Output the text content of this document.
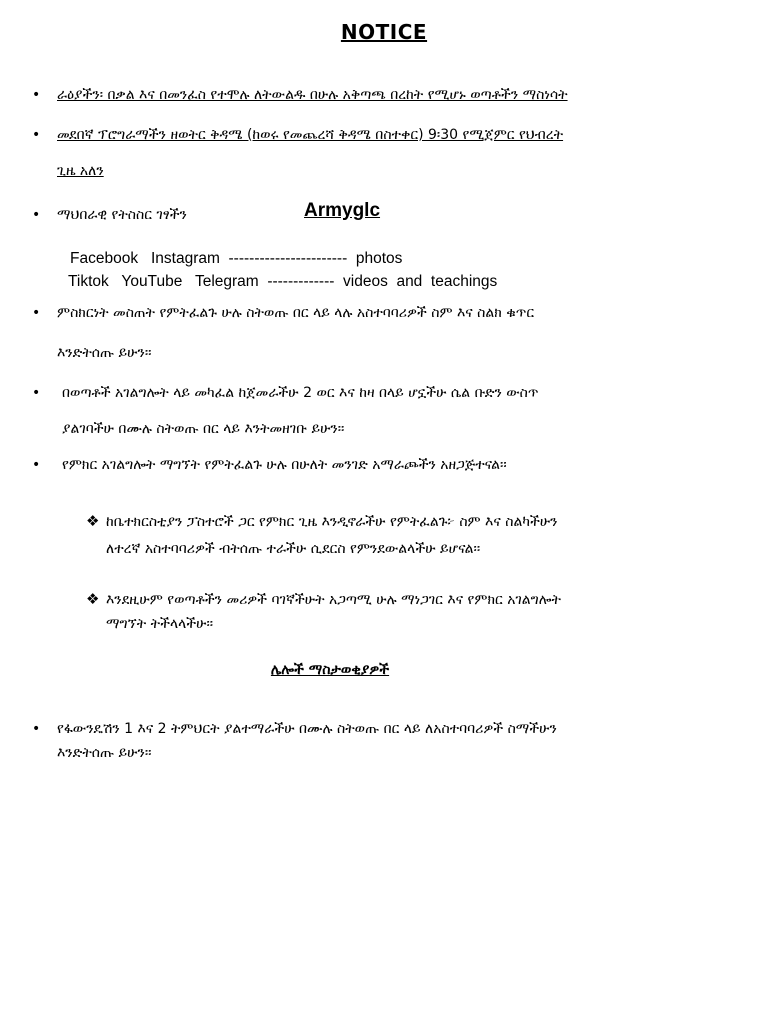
NOTICE
• ራዕያችን፡ በቃል እና በመንፈስ የተሞሉ ለትውልዱ በሁሉ አቅጣጫ በረከት የሚሆኑ ወጣቶችን ማስነሳት

• መደበኛ ፕሮግራማችን ዘወትር ቅዳሜ (ከወሩ የመጨረሻ ቅዳሜ በስተቀር) 9፡30 የሚጀምር የህብረት

ጊዜ አለን

• ማህበራዊ የትስስር ገፃችን	Armyglc
Facebook   Instagram  -----------------------  photos
Tiktok   YouTube   Telegram  -------------  videos  and  teachings
• ምስክርነት መስጠት የምትፈልጉ ሁሉ ስትወጡ በር ላይ ላሉ አስተባባሪዎች ስም እና ስልክ ቁጥር

እንድትሰጡ ይሁን፡፡

• በወጣቶች አገልግሎት ላይ መካፈል ከጀመራችሁ 2 ወር እና ከዛ በላይ ሆኗችሁ ሴል ቡድን ውስጥ

ያልገባችሁ በሙሉ ስትወጡ በር ላይ እንትመዘገቡ ይሁን፡፡

• የምክር አገልግሎት ማግኘት የምትፈልጉ ሁሉ በሁለት መንገድ አማራጮችን አዘጋጅተናል፡፡

❖ ከቤተክርስቲያን ፓስተሮች ጋር የምክር ጊዜ እንዲኖራችሁ የምትፈልጉ፦ ስም እና ስልካችሁን

ለተረኛ አስተባባሪዎች ብትሰጡ ተራችሁ ሲደርስ የምንደውልላችሁ ይሆናል፡፡

❖ እንደዚሁም የወጣቶችን መሪዎች ባገኛችሁት አጋጣሚ ሁሉ ማነጋገር እና የምክር አገልግሎት

ማግኘት ትችላላችሁ፡፡

ሌሎች ማስታወቂያዎች
• የፋውንዴሽን 1 እና 2 ትምህርት ያልተማራችሁ በሙሉ ስትወጡ በር ላይ ለአስተባባሪዎች ስማችሁን

እንድትሰጡ ይሁን፡፡
